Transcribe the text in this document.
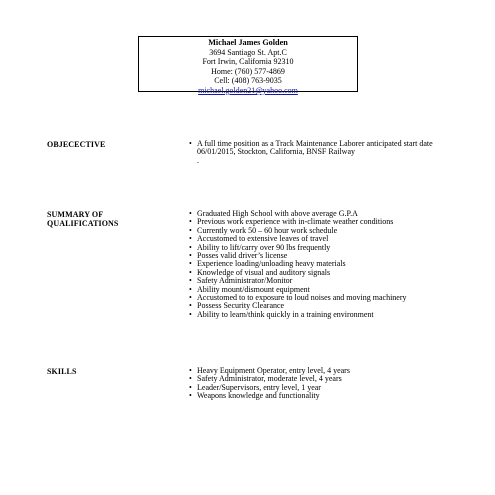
Michael James Golden
3694 Santiago St. Apt.C
Fort Irwin, California 92310
Home: (760) 577-4869
Cell: (408) 763-9035
michael.golden21@yahoo.com
OBJECECTIVE	• A full time position as a Track Maintenance Laborer anticipated start date 06/01/2015, Stockton, California, BNSF Railway
.
SUMMARY OF
QUALIFICATIONS
• Graduated High School with above average G.P.A
• Previous work experience with in-climate weather conditions
• Currently work 50 – 60 hour work schedule
• Accustomed to extensive leaves of travel
• Ability to lift/carry over 90 lbs frequently
• Posses valid driver’s license
• Experience loading/unloading heavy materials
• Knowledge of visual and auditory signals
• Safety Administrator/Monitor
• Ability mount/dismount equipment
• Accustomed to to exposure to loud noises and moving machinery
• Possess Security Clearance
• Ability to learn/think quickly in a training environment
SKILLS	• Heavy Equipment Operator, entry level, 4 years
• Safety Administrator, moderate level, 4 years
• Leader/Supervisors, entry level, 1 year
• Weapons knowledge and functionality
